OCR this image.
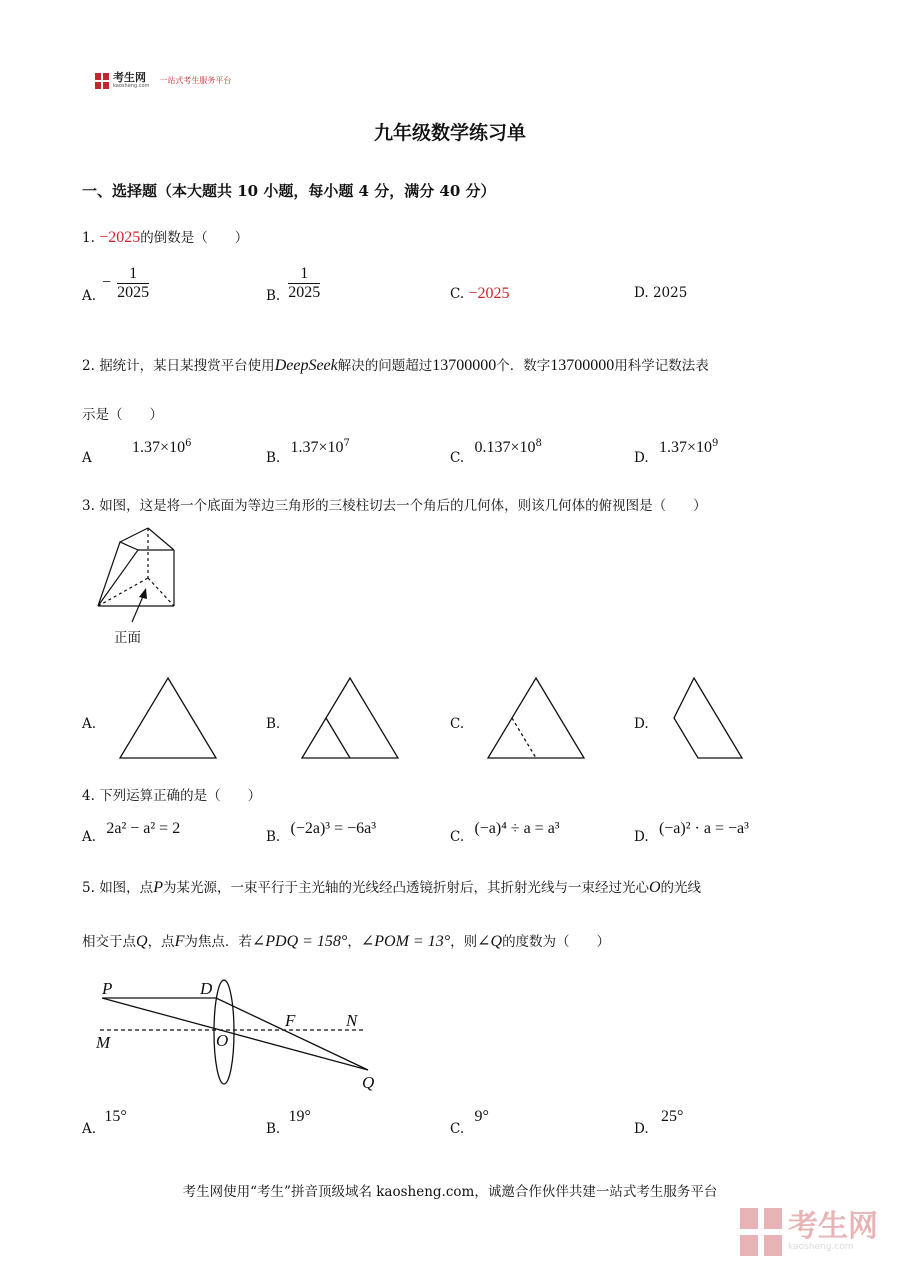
考生网
kaosheng.com
一站式考生服务平台
九年级数学练习单
一、选择题（本大题共 10 小题，每小题 4 分，满分 40 分）
1. −2025的倒数是（　　）
A.
− $\frac{1}{2025}$	B. $\frac{1}{2025}$	C. −2025	D. 2025
2. 据统计，某日某搜赏平台使用DeepSeek解决的问题超过13700000个．数字13700000用科学记数法表
示是（　　）
A $1.37\times 10^6$
B. $1.37\times 10^7$
C. $0.137\times 10^8$
D. $1.37\times 10^9$
3. 如图，这是将一个底面为等边三角形的三棱柱切去一个角后的几何体，则该几何体的俯视图是（　　）
正面
A.	B.	C.	D.
4. 下列运算正确的是（　　）
A. 2a² − a² = 2	B. (−2a)³ = −6a³	C. (−a)⁴ ÷ a = a³	D. (−a)² · a = −a³
5. 如图，点P为某光源，一束平行于主光轴的光线经凸透镜折射后，其折射光线与一束经过光心O的光线
相交于点Q，点F为焦点．若∠PDQ = 158°，∠POM = 13°，则∠Q的度数为（　　）
P	D
F	N
M	O
Q
A. 15°
B. 19°
C. 9°
D. 25°
考生网使用“考生”拼音顶级域名 kaosheng.com，诚邀合作伙伴共建一站式考生服务平台
考生网
kaosheng.com
